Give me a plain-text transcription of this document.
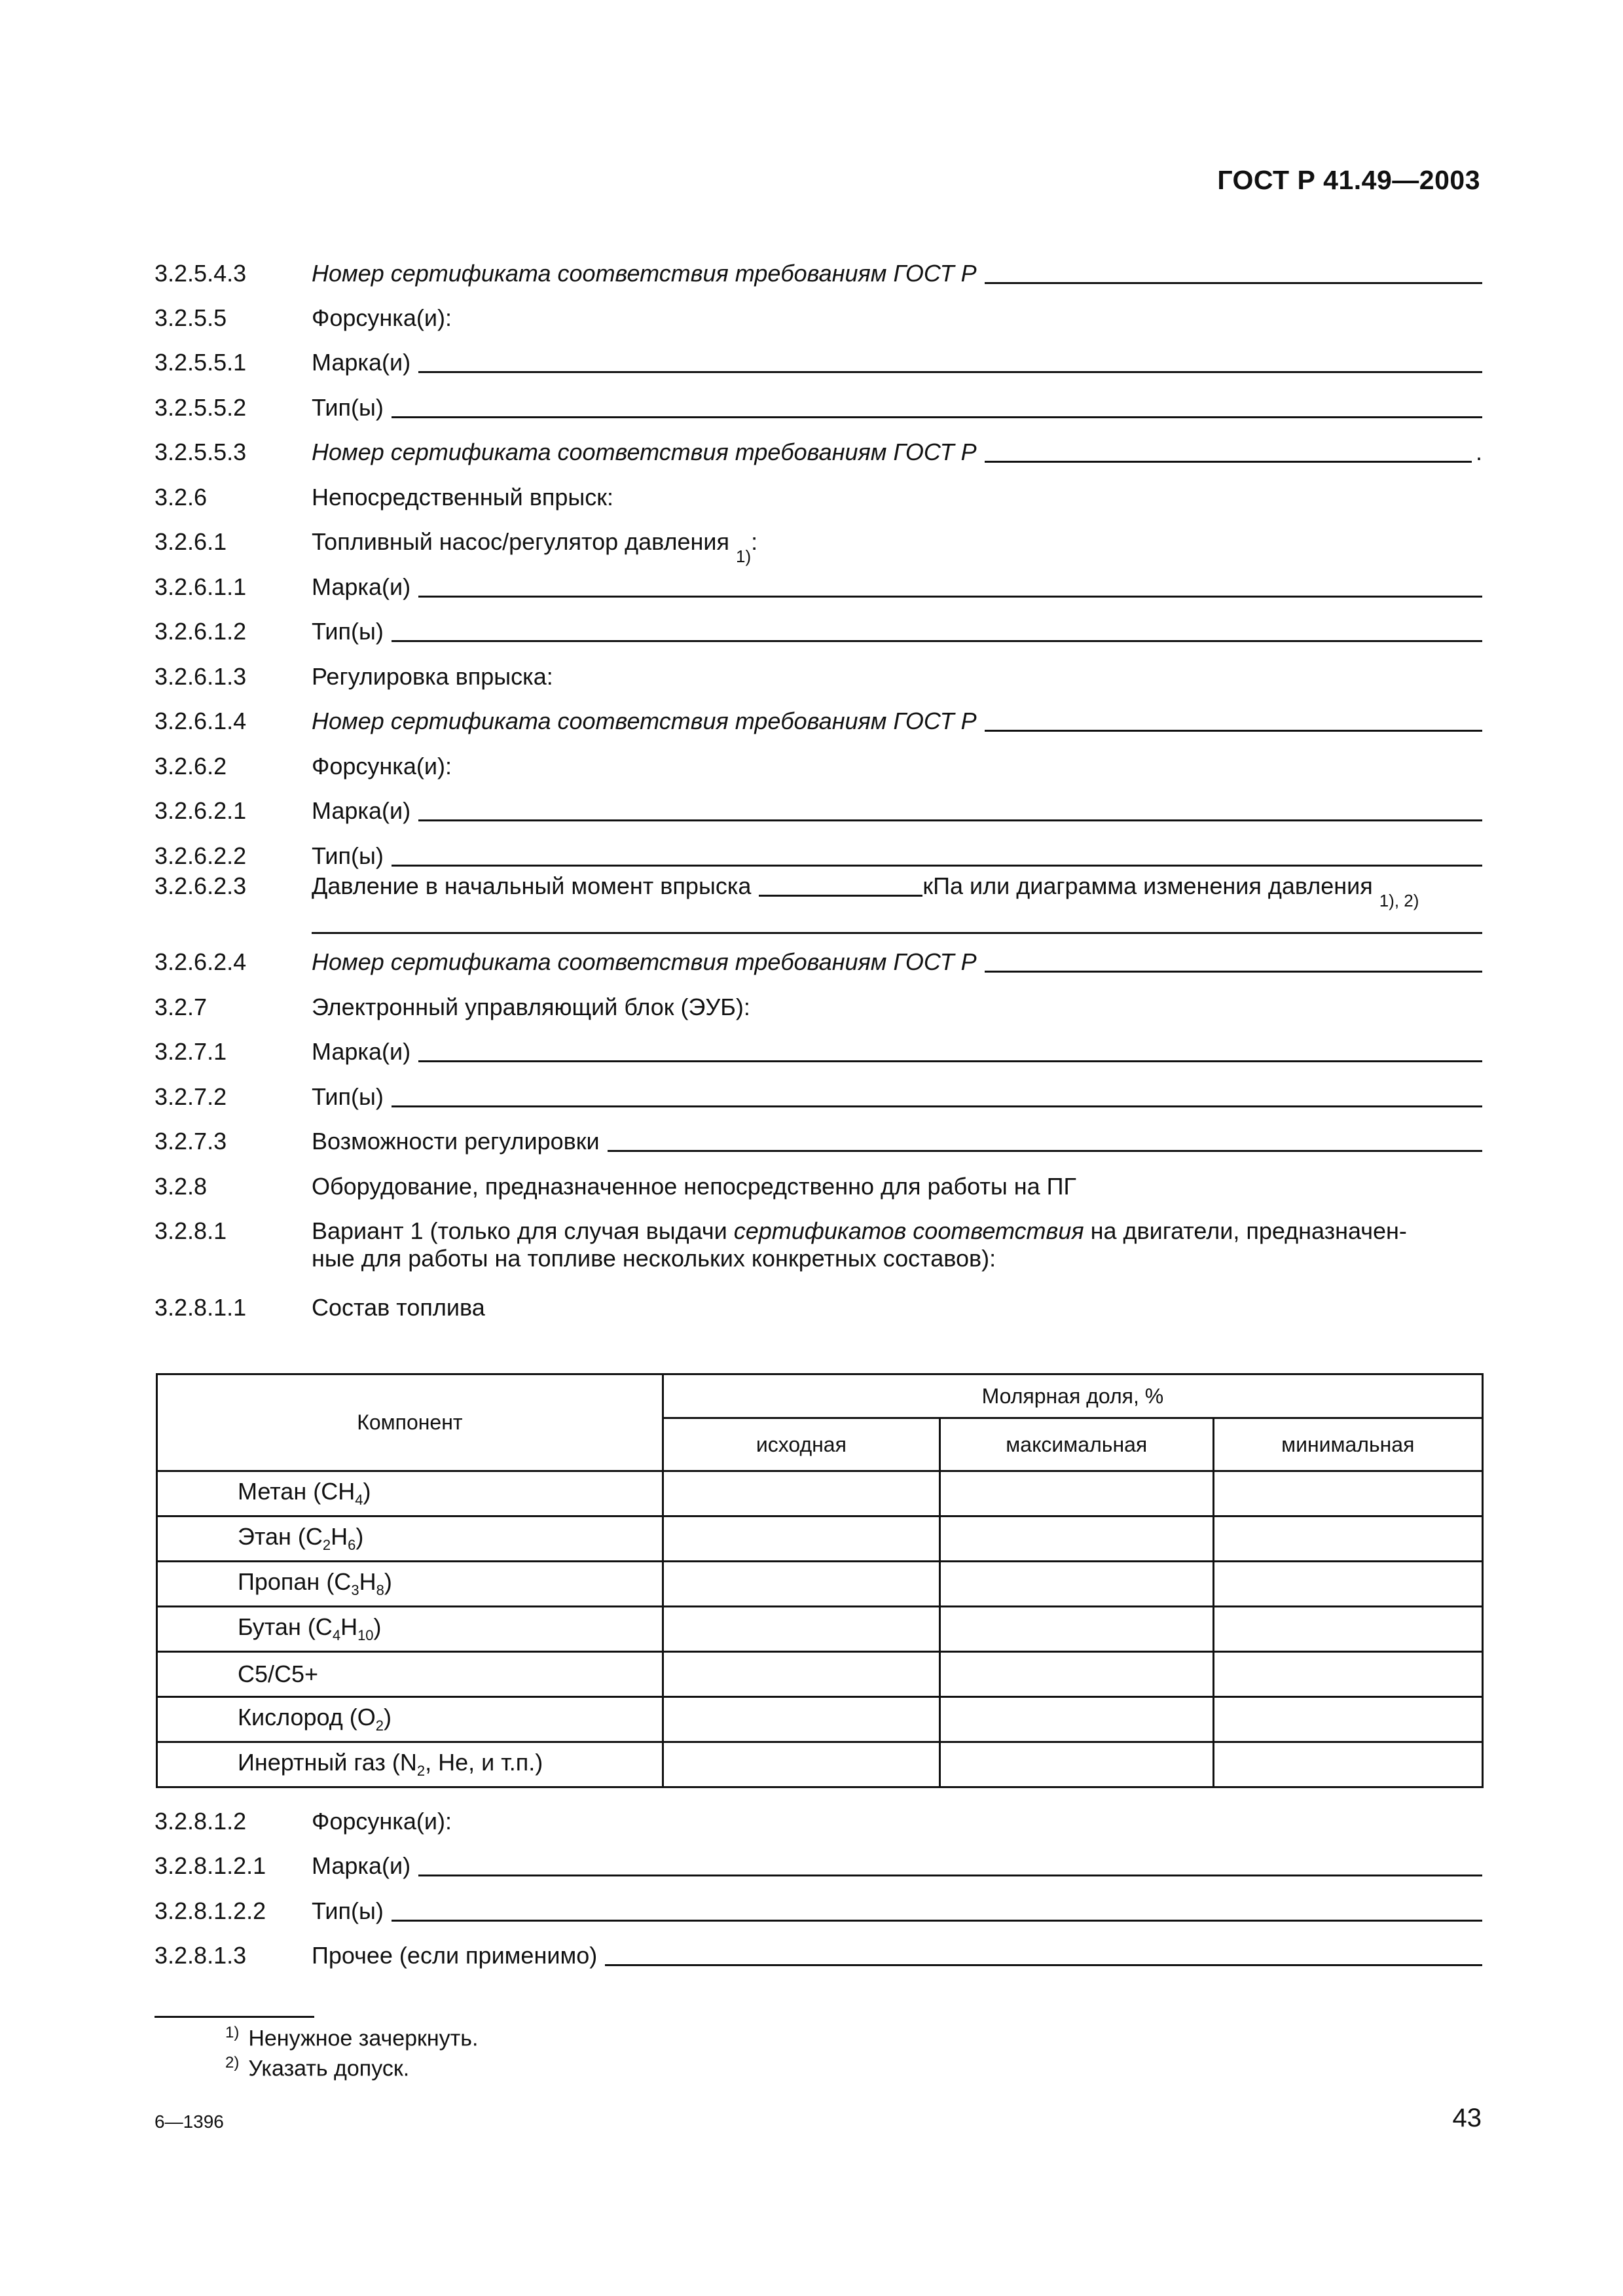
ГОСТ Р 41.49—2003
3.2.5.4.3	Номер сертификата соответствия требованиям ГОСТ Р
3.2.5.5	Форсунка(и):
3.2.5.5.1	Марка(и)
3.2.5.5.2	Тип(ы)
3.2.5.5.3	Номер сертификата соответствия требованиям ГОСТ Р	.
3.2.6	Непосредственный впрыск:
3.2.6.1	Топливный насос/регулятор давления
1)
:
3.2.6.1.1	Марка(и)
3.2.6.1.2	Тип(ы)
3.2.6.1.3	Регулировка впрыска:
3.2.6.1.4	Номер сертификата соответствия требованиям ГОСТ Р
3.2.6.2	Форсунка(и):
3.2.6.2.1	Марка(и)
3.2.6.2.2	Тип(ы)
3.2.6.2.3	Давление в начальный момент впрыска	кПа или диаграмма изменения давления
1), 2)
3.2.6.2.4	Номер сертификата соответствия требованиям ГОСТ Р
3.2.7	Электронный управляющий блок (ЭУБ):
3.2.7.1	Марка(и)
3.2.7.2	Тип(ы)
3.2.7.3	Возможности регулировки
3.2.8	Оборудование, предназначенное непосредственно для работы на ПГ
3.2.8.1	Вариант 1 (только для случая выдачи сертификатов соответствия на двигатели, предназначен-
ные для работы на топливе нескольких конкретных составов):
3.2.8.1.1	Состав топлива
Компонент	Молярная доля, %		
	исходная	максимальная	минимальная
Метан $(CH_4)$			
Этан $(C_2H_6)$			
Пропан $(C_3H_8)$			
Бутан $(C_4H_{10})$			
C5/C5+			
Кислород $(O_2)$			
Инертный газ ($N_2$, He, и т.п.)			
3.2.8.1.2	Форсунка(и):
3.2.8.1.2.1	Марка(и)
3.2.8.1.2.2	Тип(ы)
3.2.8.1.3	Прочее (если применимо)
$^{1)}$ Ненужное зачеркнуть.
$^{2)}$ Указать допуск.
6—1396	43
